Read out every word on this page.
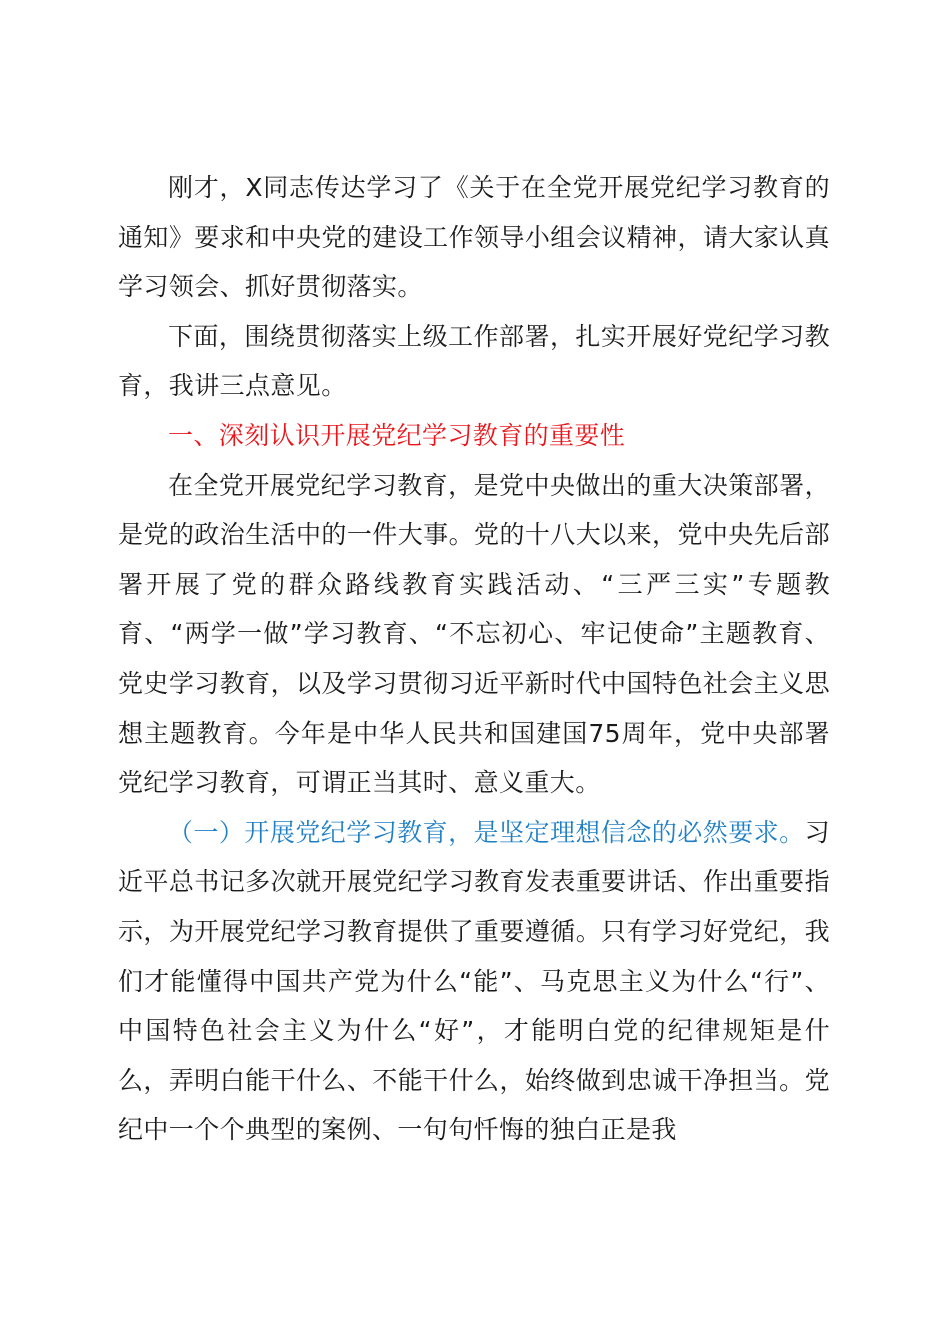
刚才，X同志传达学习了《关于在全党开展党纪学习教育的通知》要求和中央党的建设工作领导小组会议精神，请大家认真学习领会、抓好贯彻落实。

下面，围绕贯彻落实上级工作部署，扎实开展好党纪学习教育，我讲三点意见。

一、深刻认识开展党纪学习教育的重要性

在全党开展党纪学习教育，是党中央做出的重大决策部署，是党的政治生活中的一件大事。党的十八大以来，党中央先后部署开展了党的群众路线教育实践活动、“三严三实”专题教育、“两学一做”学习教育、“不忘初心、牢记使命”主题教育、党史学习教育，以及学习贯彻习近平新时代中国特色社会主义思想主题教育。今年是中华人民共和国建国75周年，党中央部署党纪学习教育，可谓正当其时、意义重大。

（一）开展党纪学习教育，是坚定理想信念的必然要求。习近平总书记多次就开展党纪学习教育发表重要讲话、作出重要指示，为开展党纪学习教育提供了重要遵循。只有学习好党纪，我们才能懂得中国共产党为什么“能”、马克思主义为什么“行”、中国特色社会主义为什么“好”，才能明白党的纪律规矩是什么，弄明白能干什么、不能干什么，始终做到忠诚干净担当。党纪中一个个典型的案例、一句句忏悔的独白正是我
